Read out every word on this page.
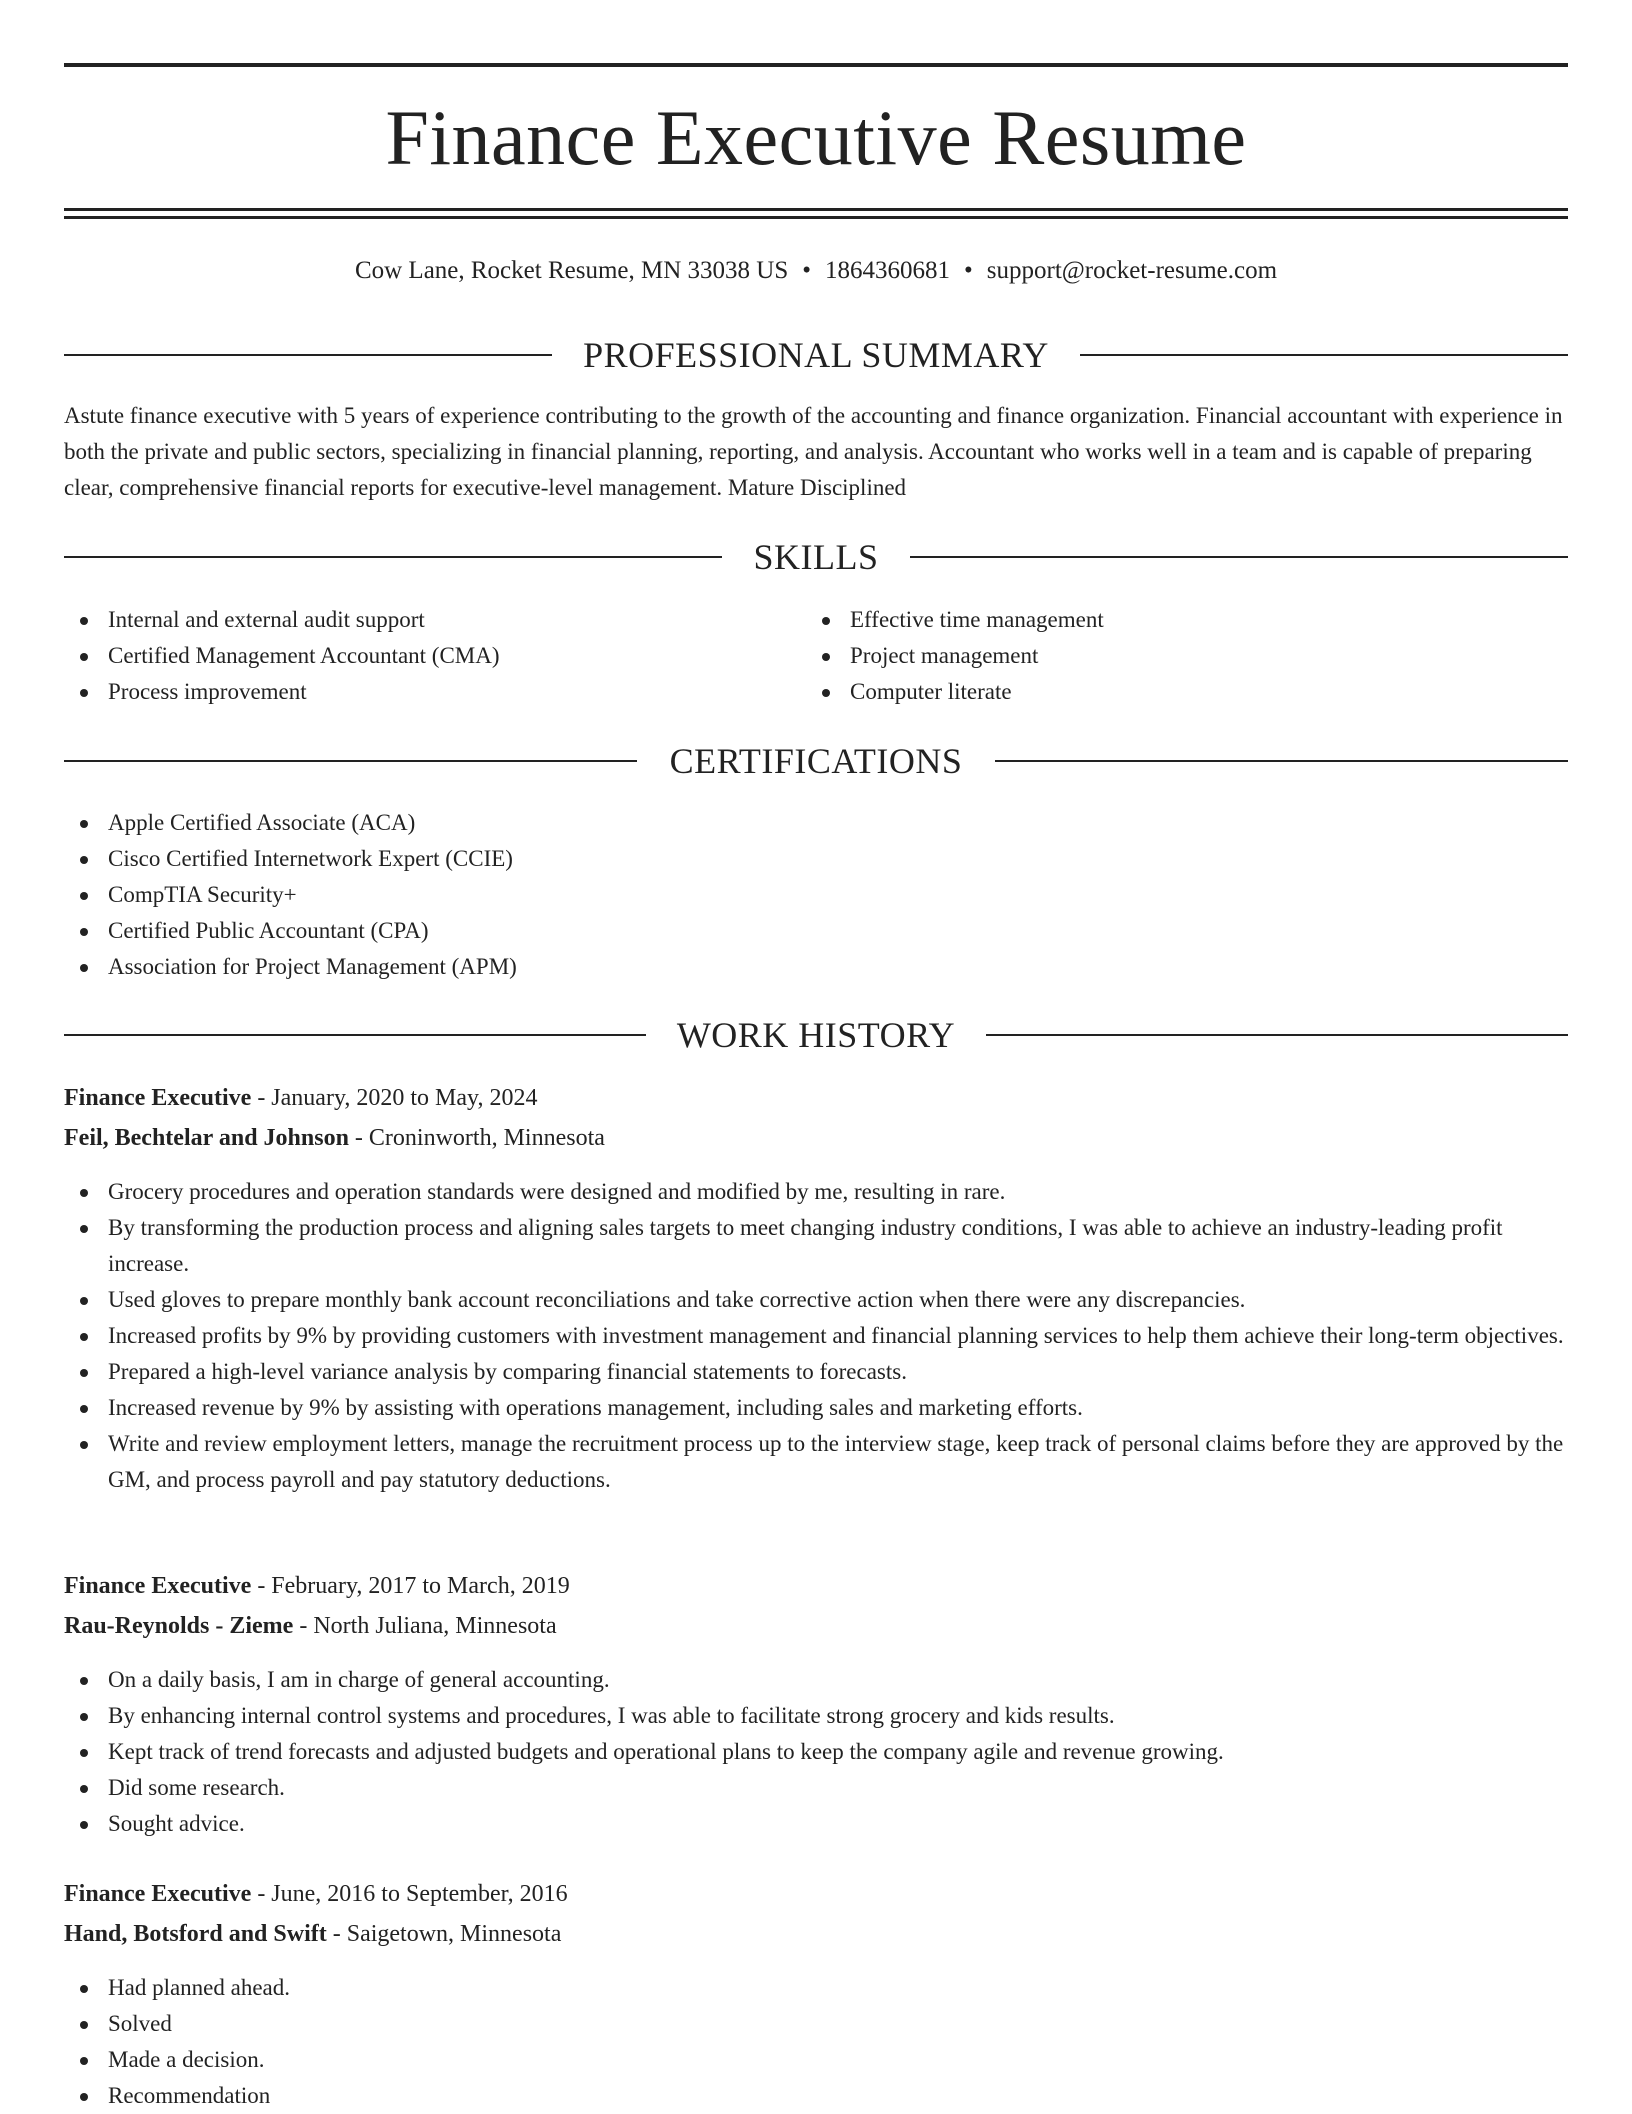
Finance Executive Resume
Cow Lane, Rocket Resume, MN 33038 US • 1864360681 • support@rocket-resume.com
PROFESSIONAL SUMMARY

Astute finance executive with 5 years of experience contributing to the growth of the accounting and finance organization. Financial accountant with experience in both the private and public sectors, specializing in financial planning, reporting, and analysis. Accountant who works well in a team and is capable of preparing clear, comprehensive financial reports for executive-level management. Mature Disciplined

SKILLS
Internal and external audit support
Certified Management Accountant (CMA)
Process improvement
Effective time management
Project management
Computer literate
CERTIFICATIONS
Apple Certified Associate (ACA)
Cisco Certified Internetwork Expert (CCIE)
CompTIA Security+
Certified Public Accountant (CPA)
Association for Project Management (APM)
WORK HISTORY
Finance Executive - January, 2020 to May, 2024
Feil, Bechtelar and Johnson - Croninworth, Minnesota
Grocery procedures and operation standards were designed and modified by me, resulting in rare.
By transforming the production process and aligning sales targets to meet changing industry conditions, I was able to achieve an industry-leading profit increase.
Used gloves to prepare monthly bank account reconciliations and take corrective action when there were any discrepancies.
Increased profits by 9% by providing customers with investment management and financial planning services to help them achieve their long-term objectives.
Prepared a high-level variance analysis by comparing financial statements to forecasts.
Increased revenue by 9% by assisting with operations management, including sales and marketing efforts.
Write and review employment letters, manage the recruitment process up to the interview stage, keep track of personal claims before they are approved by the GM, and process payroll and pay statutory deductions.
Finance Executive - February, 2017 to March, 2019
Rau-Reynolds - Zieme - North Juliana, Minnesota
On a daily basis, I am in charge of general accounting.
By enhancing internal control systems and procedures, I was able to facilitate strong grocery and kids results.
Kept track of trend forecasts and adjusted budgets and operational plans to keep the company agile and revenue growing.
Did some research.
Sought advice.
Finance Executive - June, 2016 to September, 2016
Hand, Botsford and Swift - Saigetown, Minnesota
Had planned ahead.
Solved
Made a decision.
Recommendation
